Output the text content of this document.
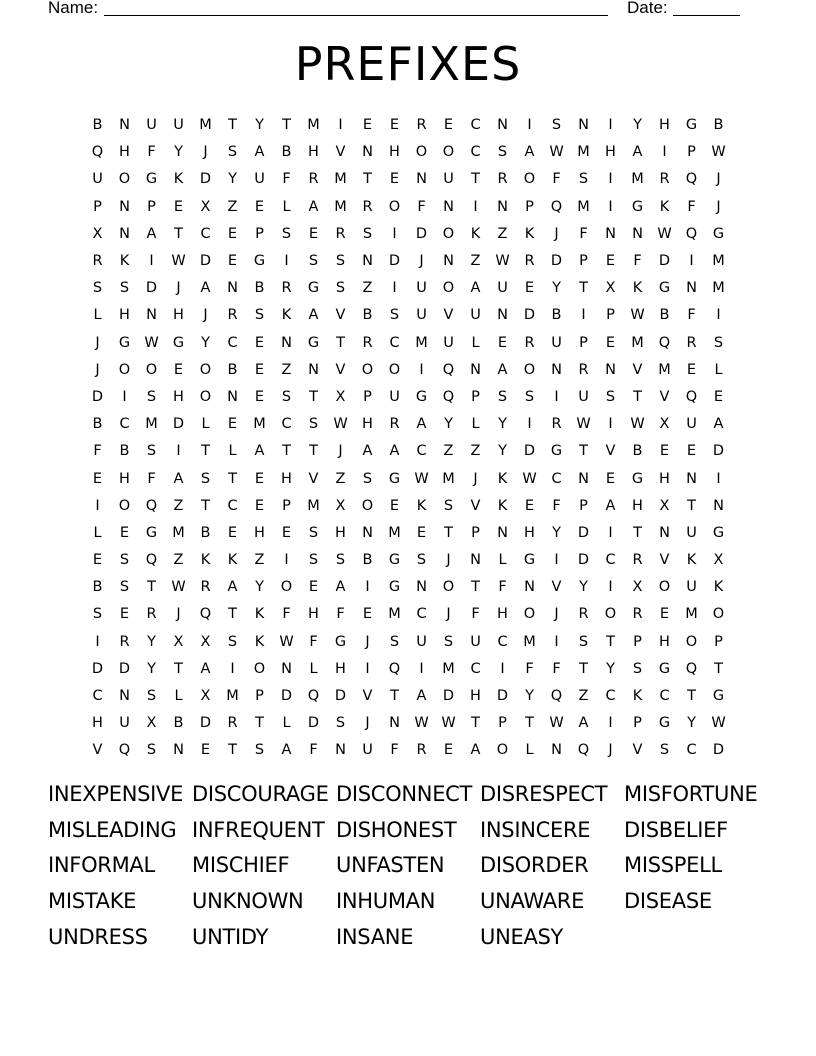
Name:	Date:
PREFIXES
B	N	U	U	M	T	Y	T	M	I	E	E	R	E	C	N	I	S	N	I	Y	H	G	B
Q	H	F	Y	J	S	A	B	H	V	N	H	O	O	C	S	A	W M	H	A	I	P	W
U	O	G	K	D	Y	U	F	R	M	T	E	N	U	T	R	O	F	S	I	M	R	Q	J
P	N	P	E	X	Z	E	L	A	M	R	O	F	N	I	N	P	Q	M	I	G	K	F	J
X	N	A	T	C	E	P	S	E	R	S	I	D	O	K	Z	K	J	F	N	N W Q	G
R	K	I	W D	E	G	I	S	S	N	D	J	N	Z	W	R	D	P	E	F	D	I	M
S	S	D	J	A	N	B	R	G	S	Z	I	U	O	A	U	E	Y	T	X	K	G	N	M
L	H	N	H	J	R	S	K	A	V	B	S	U	V	U	N	D	B	I	P	W	B	F	I
J	G W G	Y	C	E	N	G	T	R	C	M	U	L	E	R	U	P	E	M	Q	R	S
J	O	O	E	O	B	E	Z	N	V	O	O	I	Q	N	A	O	N	R	N	V	M	E	L
D	I	S	H	O	N	E	S	T	X	P	U	G	Q	P	S	S	I	U	S	T	V	Q	E
B	C	M	D	L	E	M	C	S	W H	R	A	Y	L	Y	I	R	W	I	W	X	U	A
F	B	S	I	T	L	A	T	T	J	A	A	C	Z	Z	Y	D	G	T	V	B	E	E	D
E	H	F	A	S	T	E	H	V	Z	S	G W M	J	K	W	C	N	E	G	H	N	I
I	O	Q	Z	T	C	E	P	M	X	O	E	K	S	V	K	E	F	P	A	H	X	T	N
L	E	G	M	B	E	H	E	S	H	N	M	E	T	P	N	H	Y	D	I	T	N	U	G
E	S	Q	Z	K	K	Z	I	S	S	B	G	S	J	N	L	G	I	D	C	R	V	K	X
B	S	T	W	R	A	Y	O	E	A	I	G	N	O	T	F	N	V	Y	I	X	O	U	K
S	E	R	J	Q	T	K	F	H	F	E	M	C	J	F	H	O	J	R	O	R	E	M	O
I	R	Y	X	X	S	K	W	F	G	J	S	U	S	U	C	M	I	S	T	P	H	O	P
D	D	Y	T	A	I	O	N	L	H	I	Q	I	M	C	I	F	F	T	Y	S	G	Q	T
C	N	S	L	X	M	P	D	Q	D	V	T	A	D	H	D	Y	Q	Z	C	K	C	T	G
H	U	X	B	D	R	T	L	D	S	J	N W W	T	P	T	W	A	I	P	G	Y	W
V	Q	S	N	E	T	S	A	F	N	U	F	R	E	A	O	L	N	Q	J	V	S	C	D
INEXPENSIVE DISCOURAGE DISCONNECT DISRESPECT MISFORTUNE
MISLEADING INFREQUENT DISHONEST	INSINCERE	DISBELIEF
INFORMAL	MISCHIEF	UNFASTEN	DISORDER	MISSPELL
MISTAKE	UNKNOWN	INHUMAN	UNAWARE	DISEASE
UNDRESS	UNTIDY	INSANE	UNEASY
